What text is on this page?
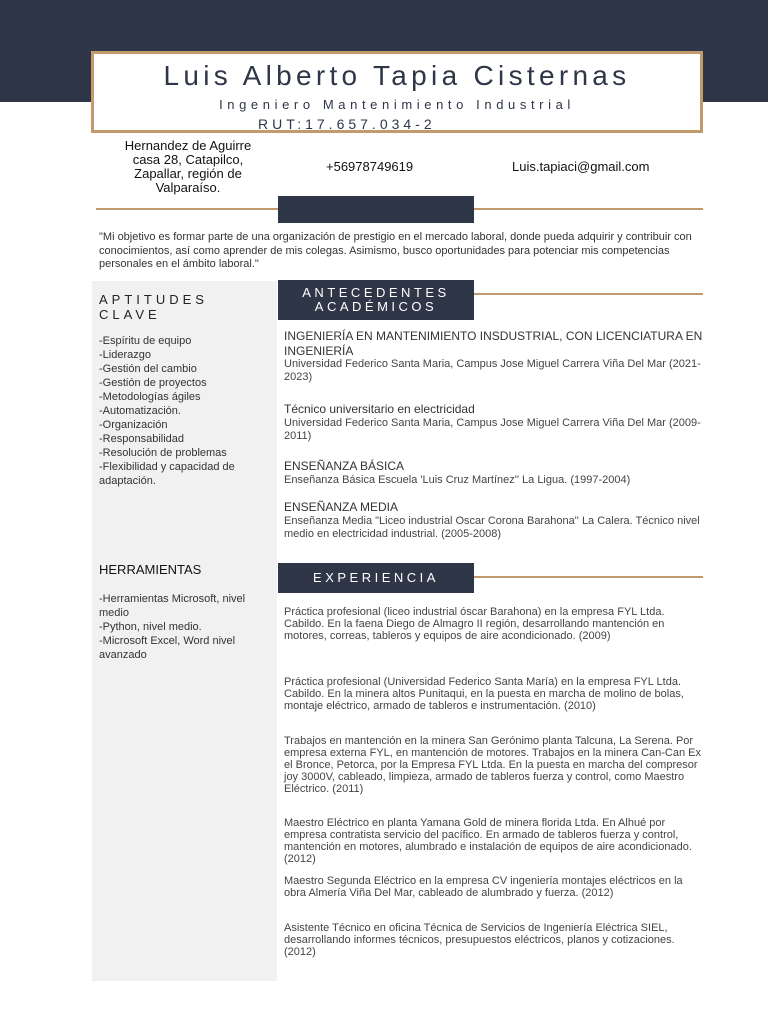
Luis Alberto Tapia Cisternas
Ingeniero Mantenimiento Industrial
RUT:17.657.034-2
Hernandez de Aguirre
casa 28, Catapilco,
Zapallar, región de
Valparaíso.
+56978749619	Luis.tapiaci@gmail.com
"Mi objetivo es formar parte de una organización de prestigio en el mercado laboral, donde pueda adquirir y contribuir con conocimientos, así como aprender de mis colegas. Asimismo, busco oportunidades para potenciar mis competencias personales en el ámbito laboral."
APTITUDES
CLAVE
-Espíritu de equipo
-Liderazgo
-Gestión del cambio
-Gestión de proyectos
-Metodologías ágiles
-Automatización.
-Organización
-Responsabilidad
-Resolución de problemas
-Flexibilidad y capacidad de
adaptación.
HERRAMIENTAS
-Herramientas Microsoft, nivel
medio
-Python, nivel medio.
-Microsoft Excel, Word nivel
avanzado
ANTECEDENTES
ACADÉMICOS
INGENIERÍA EN MANTENIMIENTO INSDUSTRIAL, CON LICENCIATURA EN INGENIERÍA
Universidad Federico Santa Maria, Campus Jose Miguel Carrera Viña Del Mar (2021-2023)
Técnico universitario en electricidad
Universidad Federico Santa Maria, Campus Jose Miguel Carrera Viña Del Mar (2009-2011)
ENSEÑANZA BÁSICA
Enseñanza Básica Escuela 'Luis Cruz Martínez'' La Ligua. (1997-2004)
ENSEÑANZA MEDIA
Enseñanza Media "Liceo industrial Oscar Corona Barahona'' La Calera. Técnico nivel medio en electricidad industrial. (2005-2008)
EXPERIENCIA
Práctica profesional (liceo industrial óscar Barahona) en la empresa FYL Ltda. Cabildo. En la faena Diego de Almagro II región, desarrollando mantención en motores, correas, tableros y equipos de aire acondicionado. (2009)
Práctica profesional (Universidad Federico Santa María) en la empresa FYL Ltda. Cabildo. En la minera altos Punitaqui, en la puesta en marcha de molino de bolas, montaje eléctrico, armado de tableros e instrumentación. (2010)
Trabajos en mantención en la minera San Gerónimo planta Talcuna, La Serena. Por empresa externa FYL, en mantención de motores. Trabajos en la minera Can-Can Ex el Bronce, Petorca, por la Empresa FYL Ltda. En la puesta en marcha del compresor joy 3000V, cableado, limpieza, armado de tableros fuerza y control, como Maestro Eléctrico. (2011)
Maestro Eléctrico en planta Yamana Gold de minera florida Ltda. En Alhué por empresa contratista servicio del pacífico. En armado de tableros fuerza y control, mantención en motores, alumbrado e instalación de equipos de aire acondicionado. (2012)
Maestro Segunda Eléctrico en la empresa CV ingeniería montajes eléctricos en la obra Almería Viña Del Mar, cableado de alumbrado y fuerza. (2012)
Asistente Técnico en oficina Técnica de Servicios de Ingeniería Eléctrica SIEL, desarrollando informes técnicos, presupuestos eléctricos, planos y cotizaciones. (2012)
